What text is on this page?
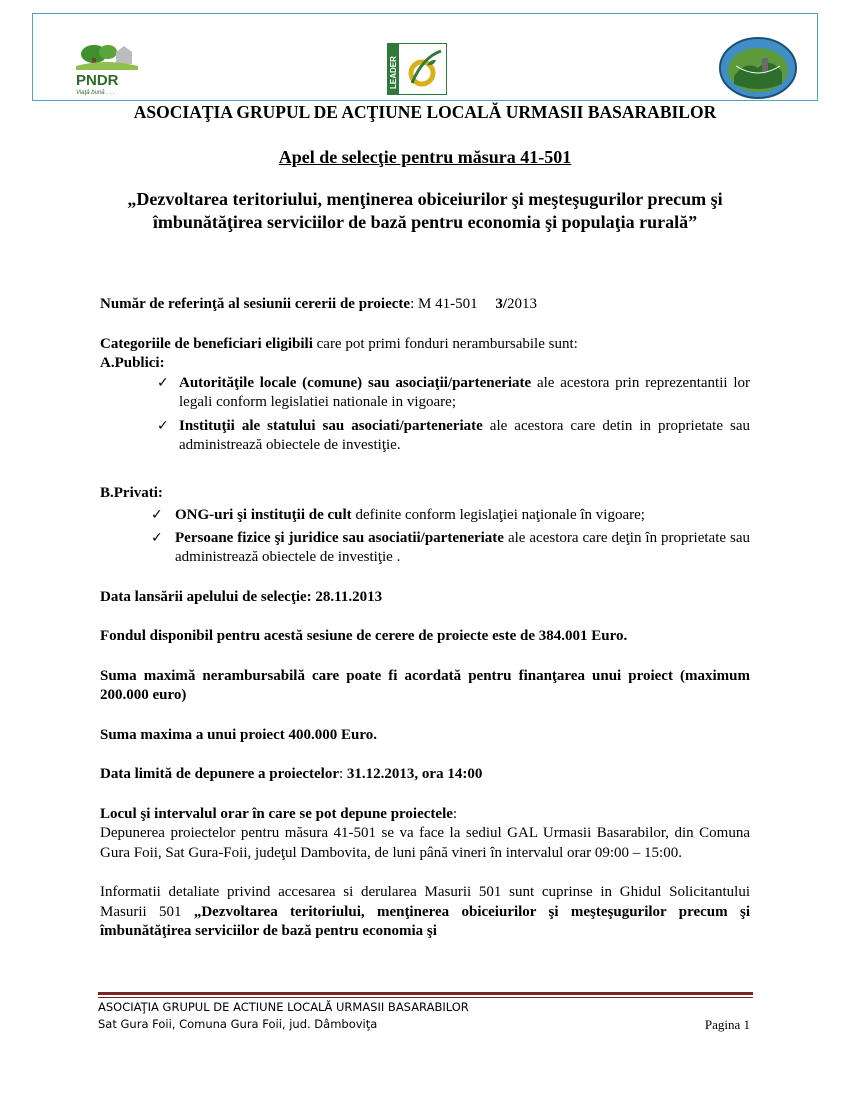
PNDR
Viaţă bună . . .
LEADER
ASOCIAŢIA GRUPUL DE ACŢIUNE LOCALĂ URMASII BASARABILOR
Apel de selecţie pentru măsura 41-501
„Dezvoltarea teritoriului, menţinerea obiceiurilor şi meşteşugurilor precum şi îmbunătăţirea serviciilor de bază pentru economia şi populaţia rurală”

Număr de referinţă al sesiunii cererii de proiecte: M 41-501 3/2013

Categoriile de beneficiari eligibili care pot primi fonduri nerambursabile sunt:

A.Publici:

✓ Autorităţile locale (comune) sau asociaţii/parteneriate ale acestora prin reprezentantii lor legali conform legislatiei nationale in vigoare;
✓ Instituţii ale statului sau asociati/parteneriate ale acestora care detin in proprietate sau administrează obiectele de investiţie.

B.Privati:

✓ ONG-uri şi instituţii de cult definite conform legislaţiei naţionale în vigoare;
✓ Persoane fizice şi juridice sau asociatii/parteneriate ale acestora care deţin în proprietate sau administrează obiectele de investiţie .

Data lansării apelului de selecţie: 28.11.2013

Fondul disponibil pentru acestă sesiune de cerere de proiecte este de 384.001 Euro.

Suma maximă nerambursabilă care poate fi acordată pentru finanţarea unui proiect (maximum 200.000 euro)

Suma maxima a unui proiect 400.000 Euro.

Data limită de depunere a proiectelor: 31.12.2013, ora 14:00

Locul şi intervalul orar în care se pot depune proiectele:

Depunerea proiectelor pentru măsura 41-501 se va face la sediul GAL Urmasii Basarabilor, din Comuna Gura Foii, Sat Gura-Foii, judeţul Dambovita, de luni până vineri în intervalul orar 09:00 – 15:00.

Informatii detaliate privind accesarea si derularea Masurii 501 sunt cuprinse in Ghidul Solicitantului Masurii 501 „Dezvoltarea teritoriului, menţinerea obiceiurilor şi meşteşugurilor precum şi îmbunătăţirea serviciilor de bază pentru economia şi

ASOCIAŢIA GRUPUL DE ACTIUNE LOCALĂ URMASII BASARABILOR
Sat Gura Foii, Comuna Gura Foii, jud. Dâmboviţa	Pagina 1
